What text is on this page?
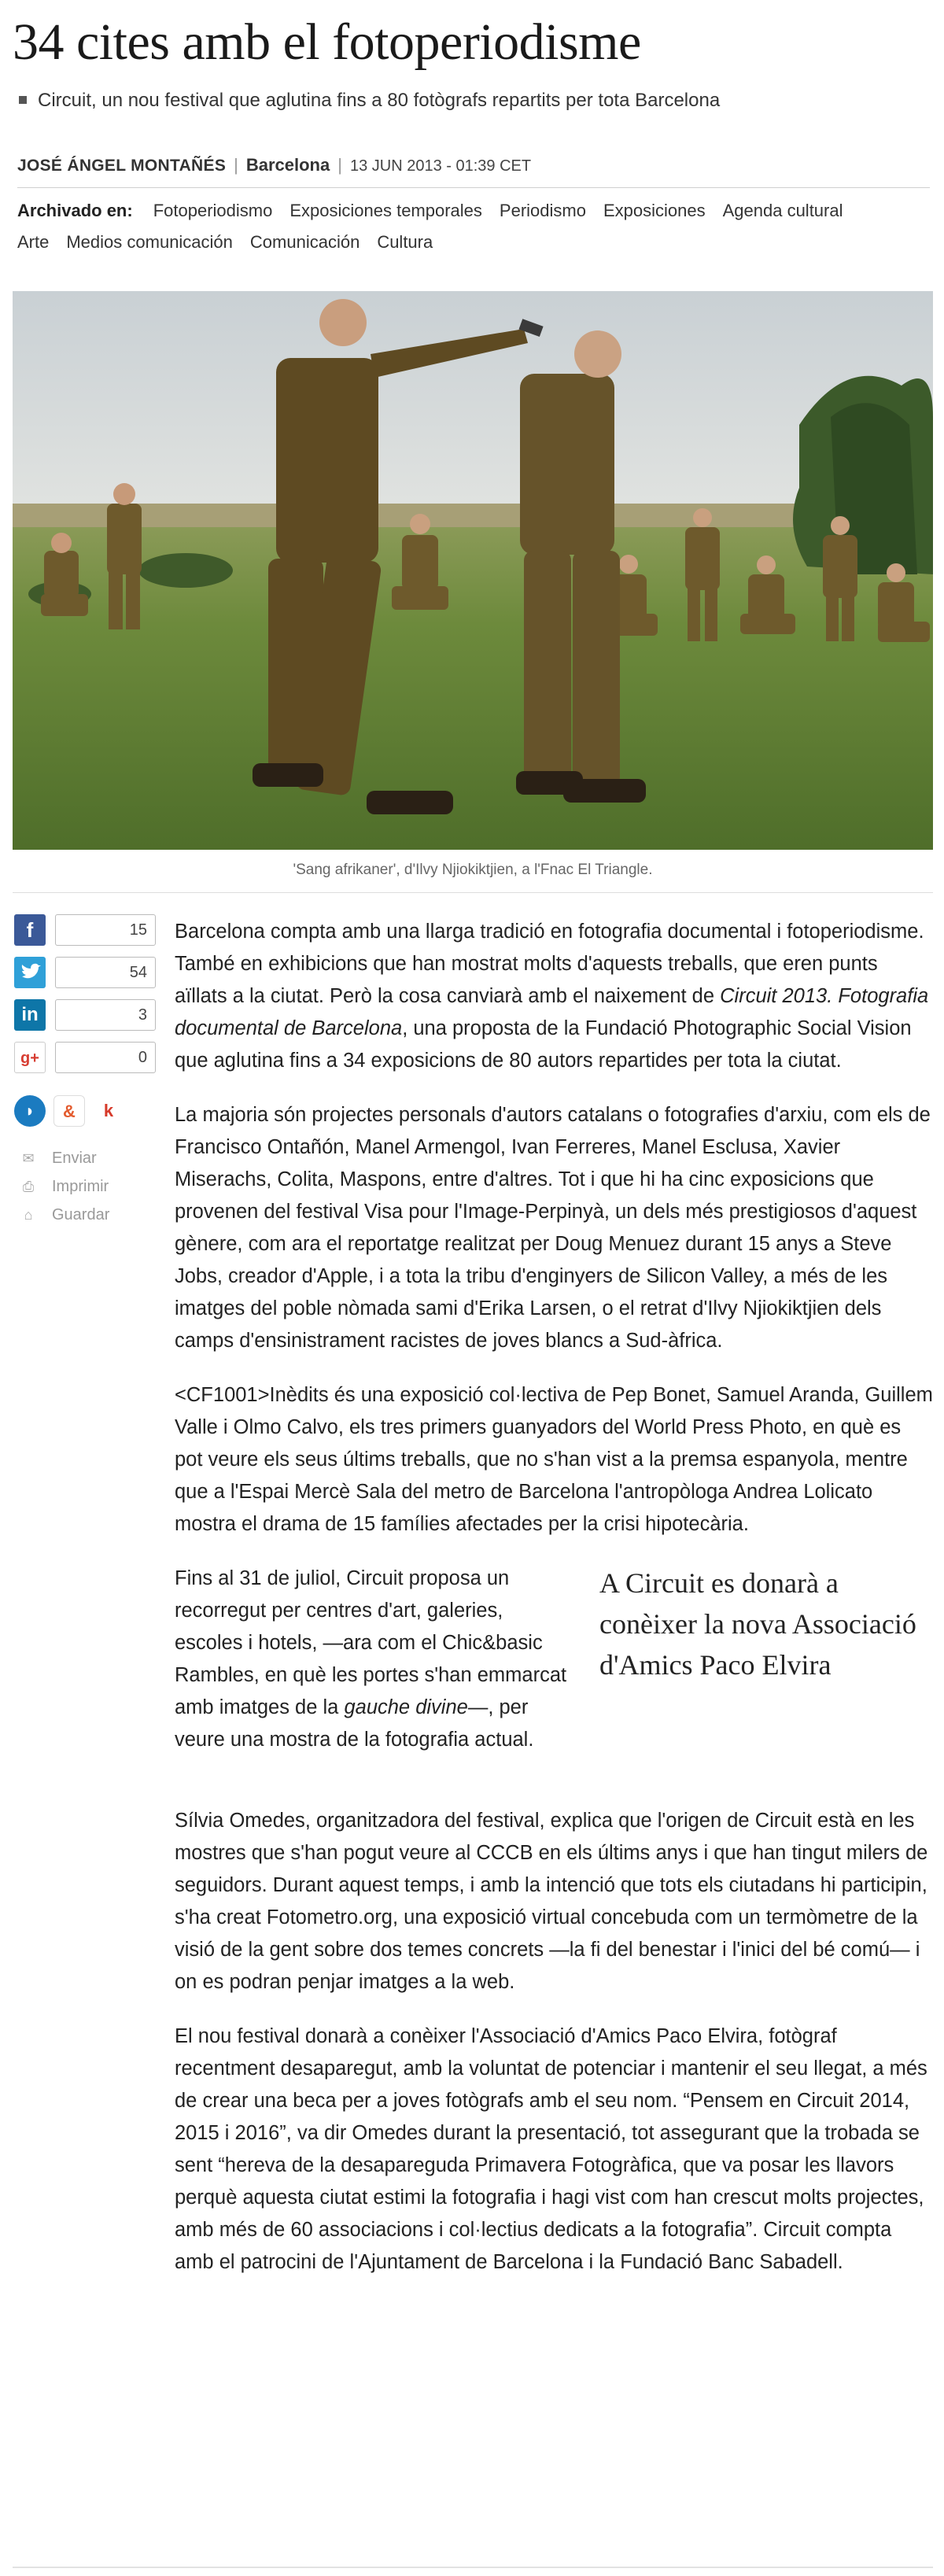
34 cites amb el fotoperiodisme
Circuit, un nou festival que aglutina fins a 80 fotògrafs repartits per tota Barcelona
JOSÉ ÁNGEL MONTAÑÉS | Barcelona | 13 JUN 2013 - 01:39 CET
Archivado en: Fotoperiodismo Exposiciones temporales Periodismo Exposiciones Agenda cultural
Arte Medios comunicación Comunicación Cultura
'Sang afrikaner', d'Ilvy Njiokiktjien, a l'Fnac El Triangle.
f	15
54
in	3
g+	0
◗	&	k
✉ Enviar
⎙ Imprimir
⌂	Guardar

Barcelona compta amb una llarga tradició en fotografia documental i fotoperiodisme. També en exhibicions que han mostrat molts d'aquests treballs, que eren punts aïllats a la ciutat. Però la cosa canviarà amb el naixement de Circuit 2013. Fotografia documental de Barcelona, una proposta de la Fundació Photographic Social Vision que aglutina fins a 34 exposicions de 80 autors repartides per tota la ciutat.

La majoria són projectes personals d'autors catalans o fotografies d'arxiu, com els de Francisco Ontañón, Manel Armengol, Ivan Ferreres, Manel Esclusa, Xavier Miserachs, Colita, Maspons, entre d'altres. Tot i que hi ha cinc exposicions que provenen del festival Visa pour l'Image-Perpinyà, un dels més prestigiosos d'aquest gènere, com ara el reportatge realitzat per Doug Menuez durant 15 anys a Steve Jobs, creador d'Apple, i a tota la tribu d'enginyers de Silicon Valley, a més de les imatges del poble nòmada sami d'Erika Larsen, o el retrat d'Ilvy Njiokiktjien dels camps d'ensinistrament racistes de joves blancs a Sud-àfrica.

<CF1001>Inèdits és una exposició col·lectiva de Pep Bonet, Samuel Aranda, Guillem Valle i Olmo Calvo, els tres primers guanyadors del World Press Photo, en què es pot veure els seus últims treballs, que no s'han vist a la premsa espanyola, mentre que a l'Espai Mercè Sala del metro de Barcelona l'antropòloga Andrea Lolicato mostra el drama de 15 famílies afectades per la crisi hipotecària.

Fins al 31 de juliol, Circuit proposa un recorregut per centres d'art, galeries, escoles i hotels, —ara com el Chic&basic Rambles, en què les portes s'han emmarcat amb imatges de la gauche divine—, per veure una mostra de la fotografia actual.

A Circuit es donarà a conèixer la nova Associació d'Amics Paco Elvira

Sílvia Omedes, organitzadora del festival, explica que l'origen de Circuit està en les mostres que s'han pogut veure al CCCB en els últims anys i que han tingut milers de seguidors. Durant aquest temps, i amb la intenció que tots els ciutadans hi participin, s'ha creat Fotometro.org, una exposició virtual concebuda com un termòmetre de la visió de la gent sobre dos temes concrets —la fi del benestar i l'inici del bé comú— i on es podran penjar imatges a la web.

El nou festival donarà a conèixer l'Associació d'Amics Paco Elvira, fotògraf recentment desaparegut, amb la voluntat de potenciar i mantenir el seu llegat, a més de crear una beca per a joves fotògrafs amb el seu nom. “Pensem en Circuit 2014, 2015 i 2016”, va dir Omedes durant la presentació, tot assegurant que la trobada se sent “hereva de la desapareguda Primavera Fotogràfica, que va posar les llavors perquè aquesta ciutat estimi la fotografia i hagi vist com han crescut molts projectes, amb més de 60 associacions i col·lectius dedicats a la fotografia”. Circuit compta amb el patrocini de l'Ajuntament de Barcelona i la Fundació Banc Sabadell.
